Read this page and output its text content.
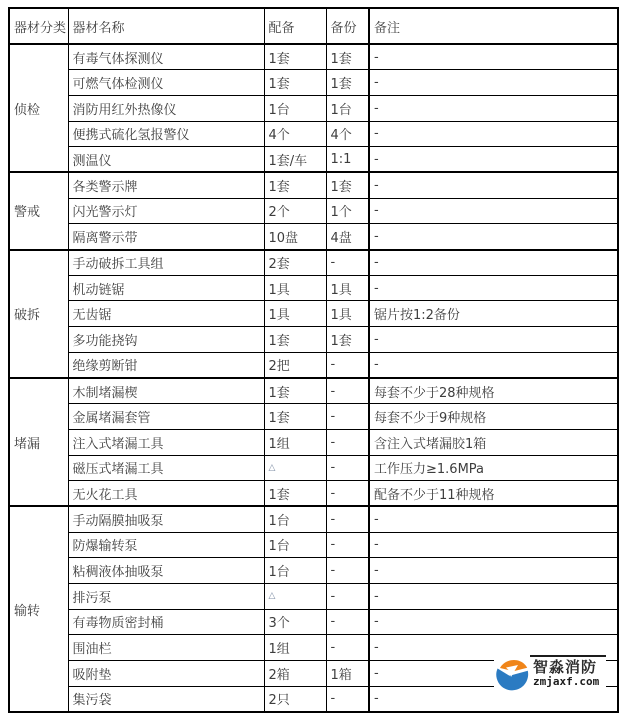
器材分类	器材名称	配备	备份	备注
侦检	有毒气体探测仪	1套	1套	-
	可燃气体检测仪	1套	1套	-
	消防用红外热像仪	1台	1台	-
	便携式硫化氢报警仪	4个	4个	-
	测温仪	1套/车	1:1	-
警戒	各类警示牌	1套	1套	-
	闪光警示灯	2个	1个	-
	隔离警示带	10盘	4盘	-
破拆	手动破拆工具组	2套	-	-
	机动链锯	1具	1具	-
	无齿锯	1具	1具	锯片按1:2备份
	多功能挠钩	1套	1套	-
	绝缘剪断钳	2把	-	-
堵漏	木制堵漏楔	1套	-	每套不少于28种规格
	金属堵漏套管	1套	-	每套不少于9种规格
	注入式堵漏工具	1组	-	含注入式堵漏胶1箱
	磁压式堵漏工具	△	-	工作压力≥1.6MPa
	无火花工具	1套	-	配备不少于11种规格
输转	手动隔膜抽吸泵	1台	-	-
	防爆输转泵	1台	-	-
	粘稠液体抽吸泵	1台	-	-
	排污泵	△	-	-
	有毒物质密封桶	3个	-	-
	围油栏	1组	-	-
	吸附垫	2箱	1箱	-
	集污袋	2只	-	-
智淼消防
zmjaxf.com
